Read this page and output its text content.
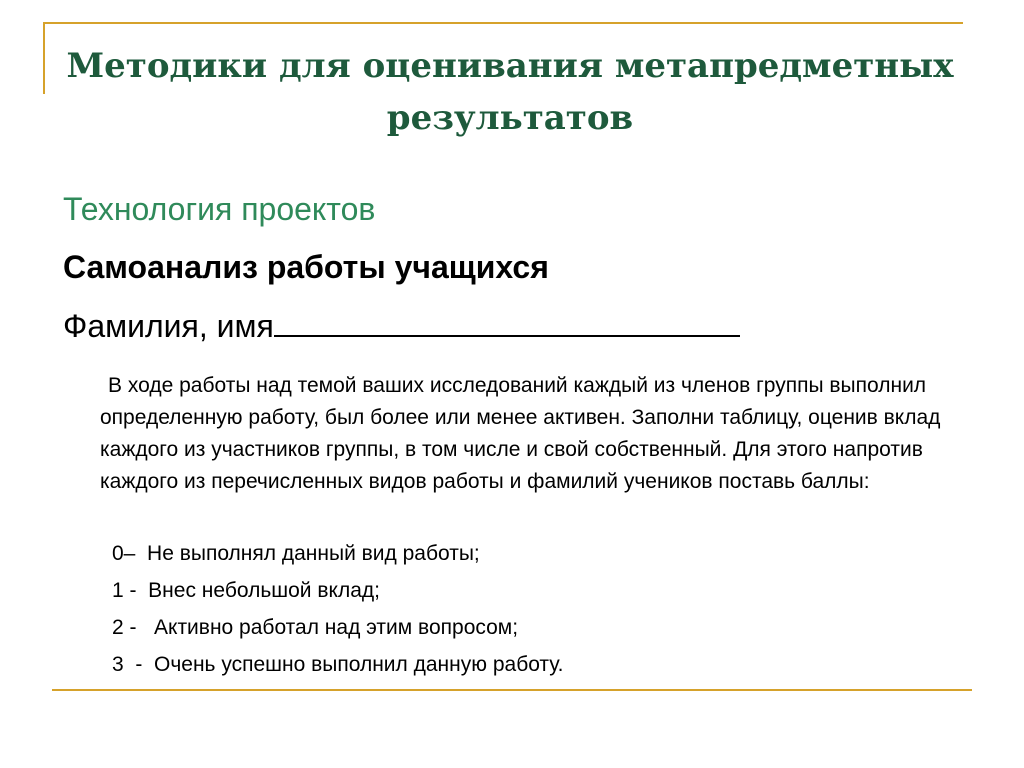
Методики для оценивания метапредметных результатов
Технология проектов
Самоанализ работы учащихся
Фамилия, имя
В ходе работы над темой ваших исследований каждый из членов группы выполнил определенную работу, был более или менее активен. Заполни таблицу, оценив вклад каждого из участников группы, в том числе и свой собственный. Для этого напротив каждого из перечисленных видов работы и фамилий учеников поставь баллы:
0–  Не выполнял данный вид работы;
1 -  Внес небольшой вклад;
2 -   Активно работал над этим вопросом;
3  -  Очень успешно выполнил данную работу.
